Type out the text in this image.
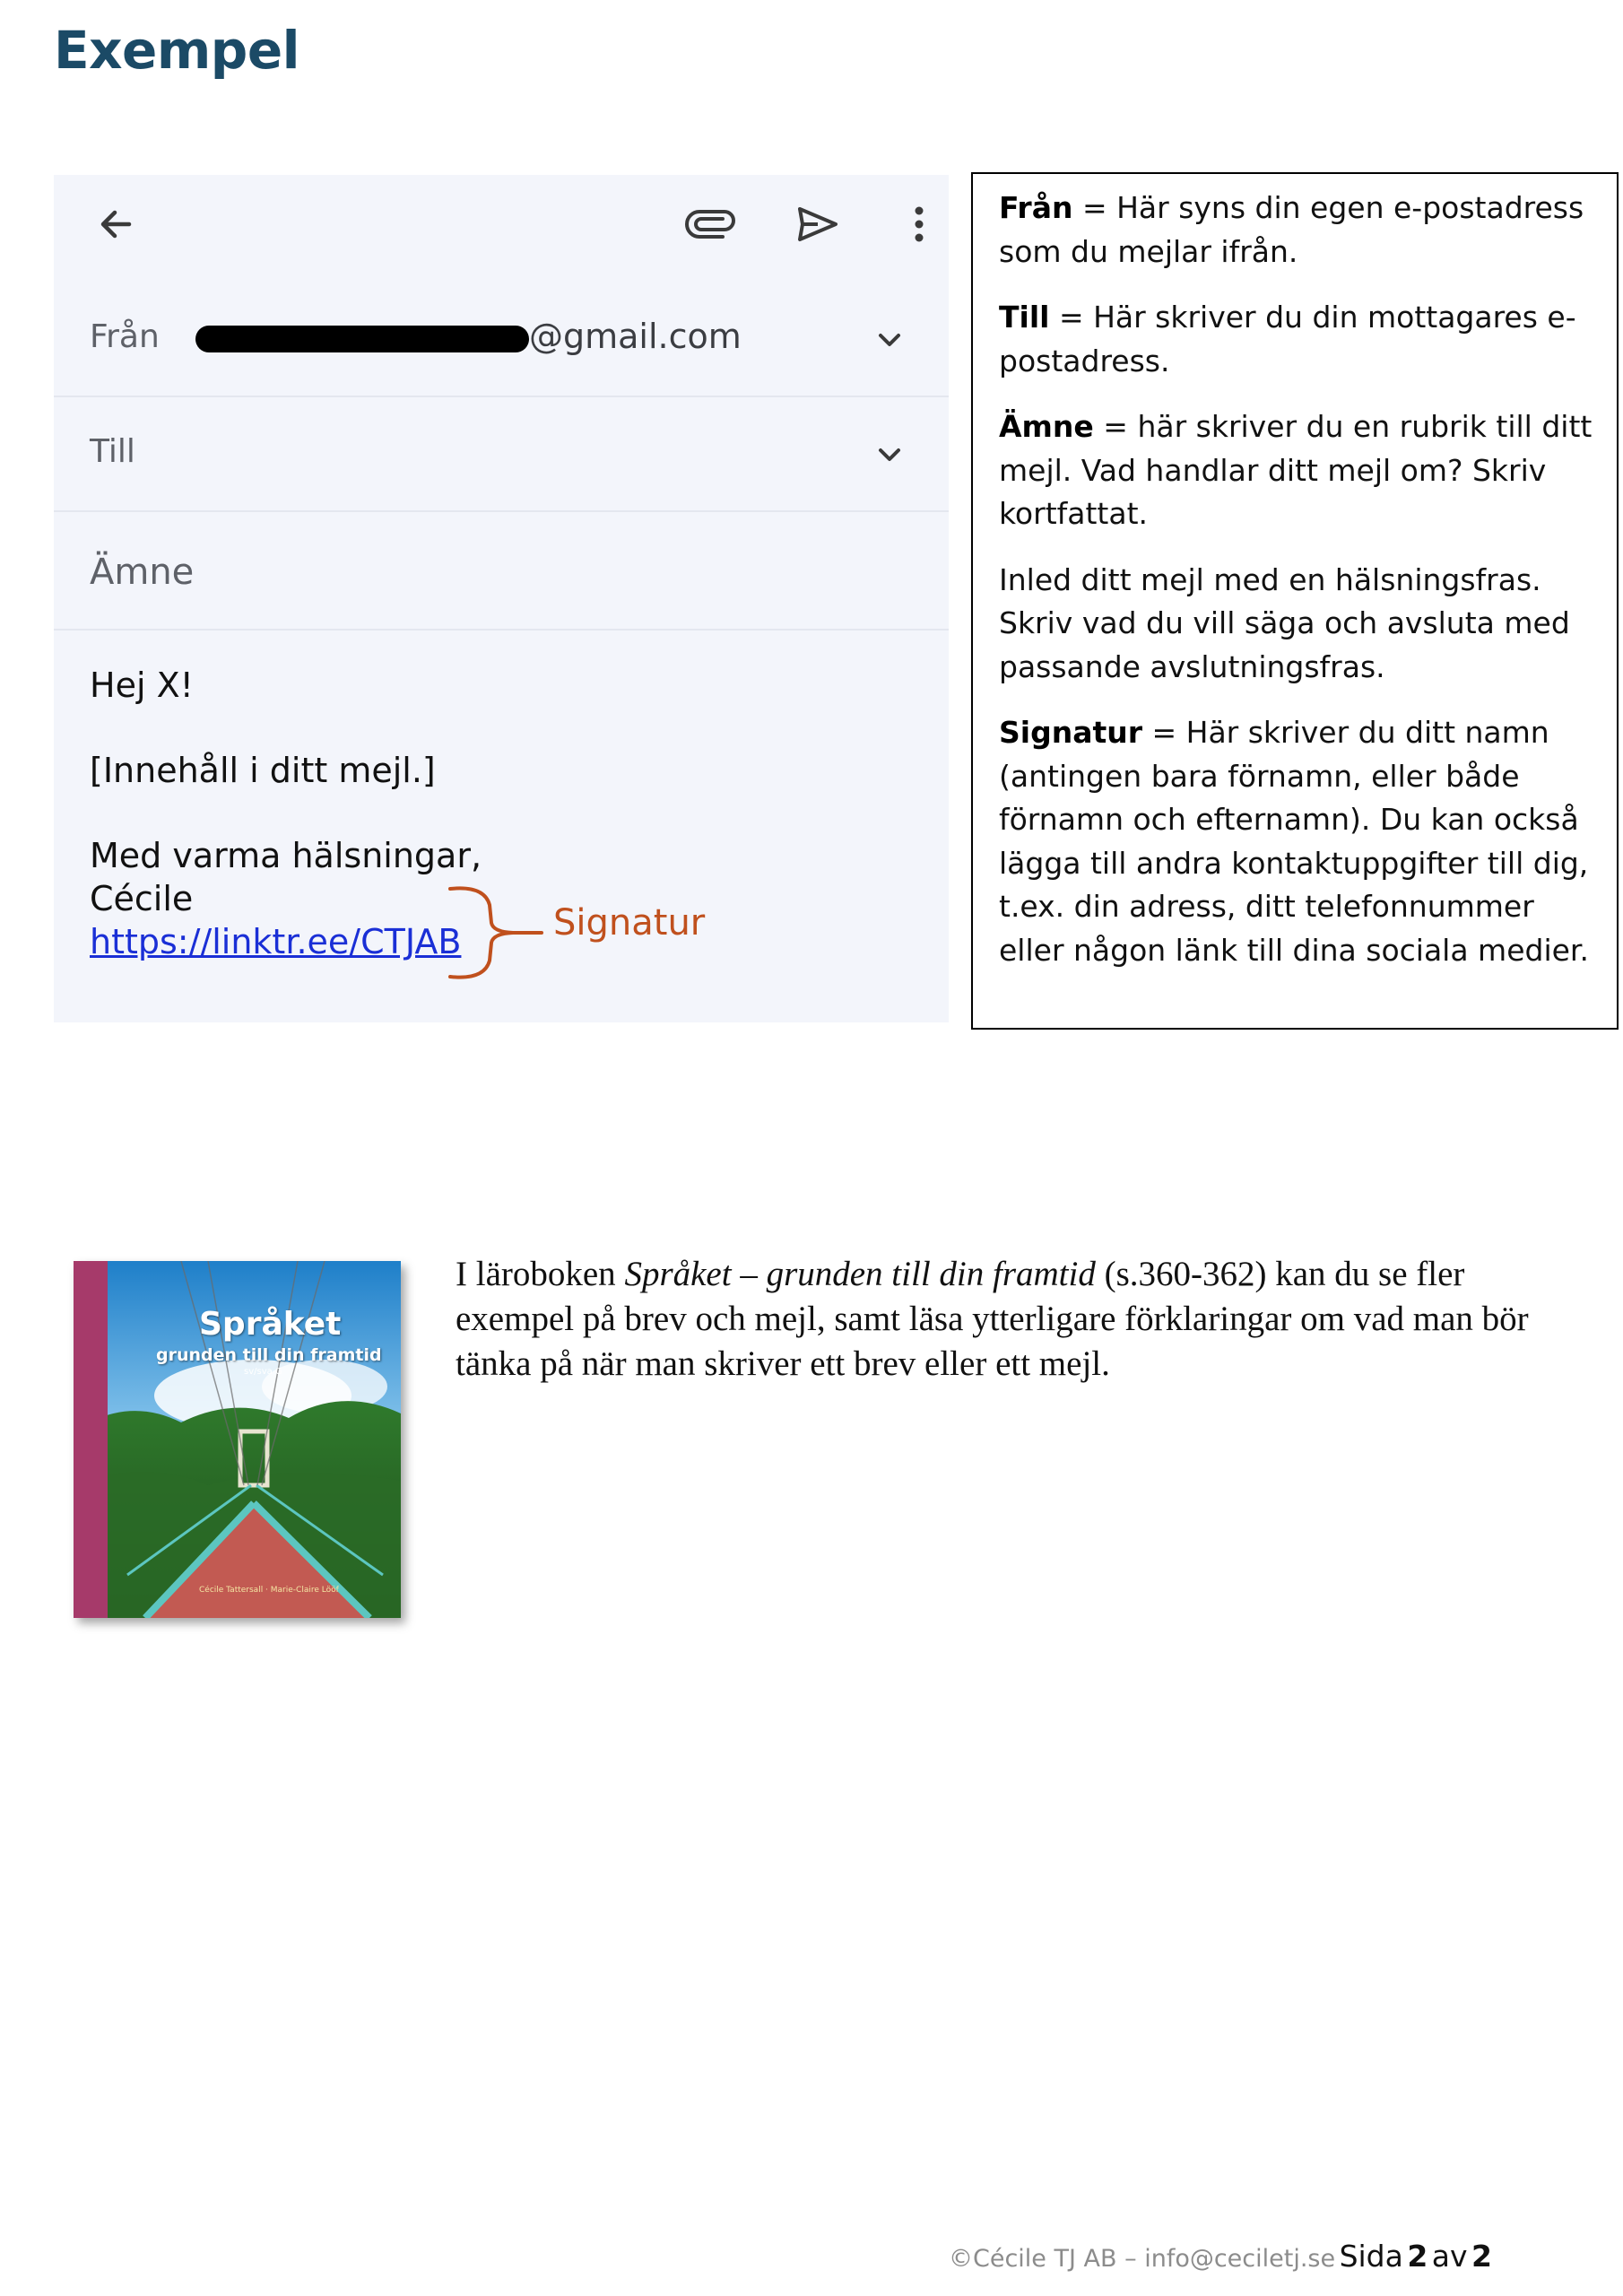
Exempel
Från	@gmail.com
Till
Ämne
Hej X!
[Innehåll i ditt mejl.]
Med varma hälsningar,
Cécile
https://linktr.ee/CTJAB	Signatur

Från = Här syns din egen e-postadress som du mejlar ifrån.

Till = Här skriver du din mottagares e-postadress.

Ämne = här skriver du en rubrik till ditt mejl. Vad handlar ditt mejl om? Skriv kortfattat.

Inled ditt mejl med en hälsningsfras. Skriv vad du vill säga och avsluta med passande avslutningsfras.

Signatur = Här skriver du ditt namn (antingen bara förnamn, eller både förnamn och efternamn). Du kan också lägga till andra kontaktuppgifter till dig, t.ex. din adress, ditt telefonnummer eller någon länk till dina sociala medier.

Språket
grunden till din framtid
sv/sva G
Cécile Tattersall · Marie-Claire Lööf
I läroboken Språket – grunden till din framtid (s.360-362) kan du se fler exempel på brev och mejl, samt läsa ytterligare förklaringar om vad man bör tänka på när man skriver ett brev eller ett mejl.
©Cécile TJ AB – info@ceciletj.se Sida 2 av 2
